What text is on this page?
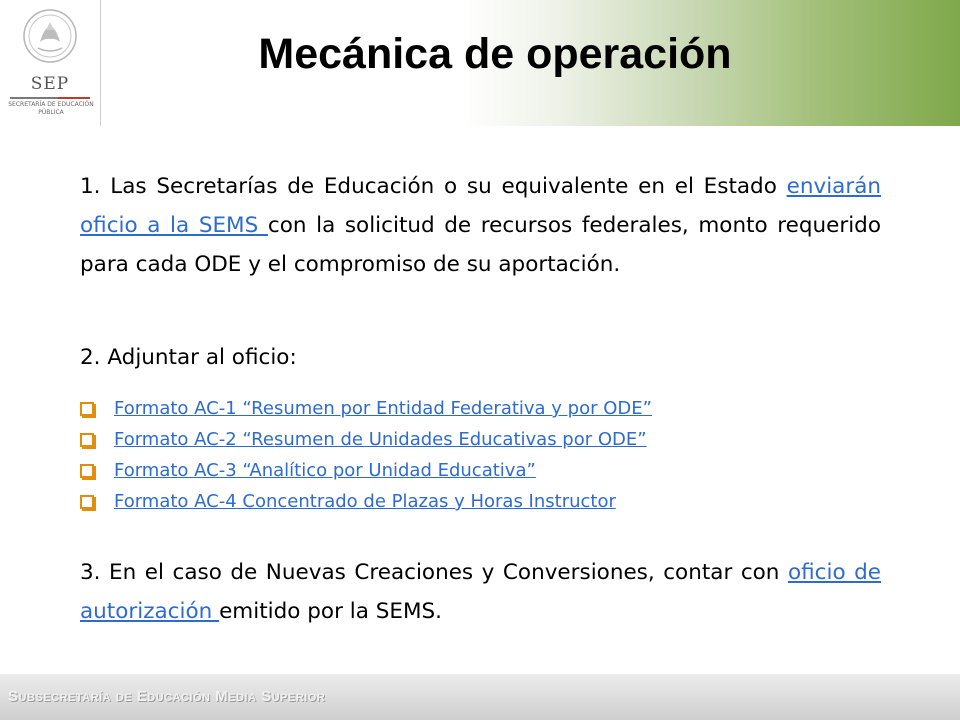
SEP
SECRETARÍA DE EDUCACIÓN PÚBLICA
Mecánica de operación
1. Las Secretarías de Educación o su equivalente en el Estado enviarán oficio a la SEMS con la solicitud de recursos federales, monto requerido para cada ODE y el compromiso de su aportación.
2. Adjuntar al oficio:
Formato AC-1 “Resumen por Entidad Federativa y por ODE”
Formato AC-2 “Resumen de Unidades Educativas por ODE”
Formato AC-3 “Analítico por Unidad Educativa”
Formato AC-4 Concentrado de Plazas y Horas Instructor
3. En el caso de Nuevas Creaciones y Conversiones, contar con oficio de autorización emitido por la SEMS.
Subsecretaría de Educación Media Superior
